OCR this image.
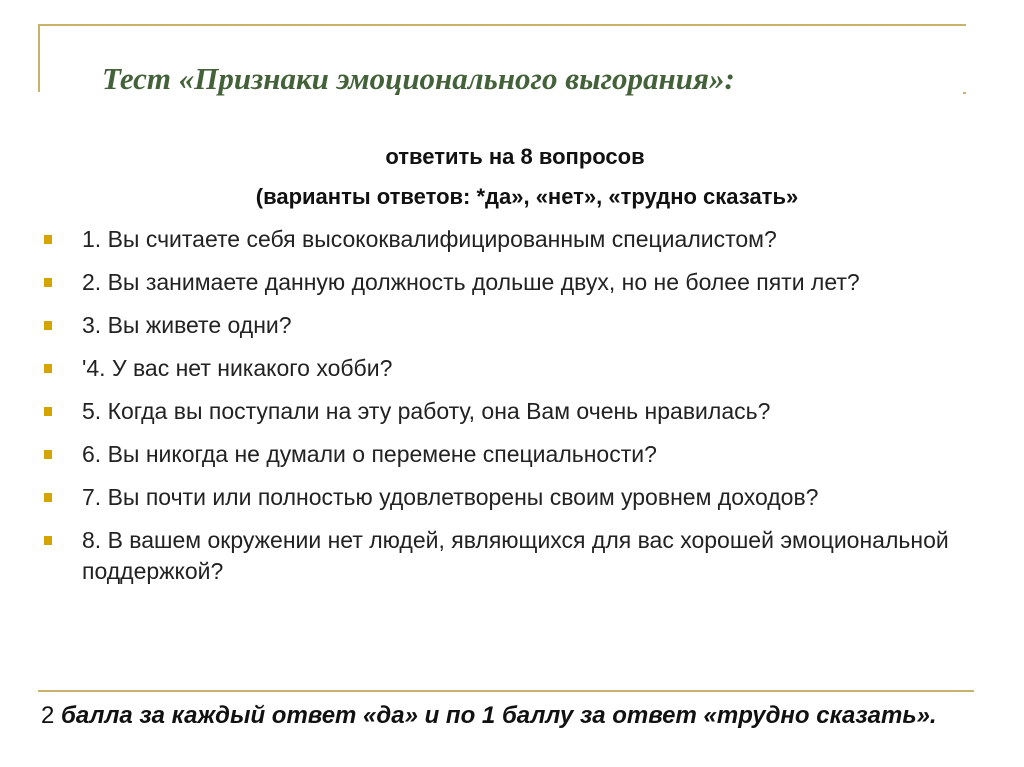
Тест «Признаки эмоционального выгорания»:
ответить на 8 вопросов
(варианты ответов: *да», «нет», «трудно сказать»
1. Вы считаете себя высококвалифицированным специалистом?
2. Вы занимаете данную должность дольше двух, но не более пяти лет?
3. Вы живете одни?
'4. У вас нет никакого хобби?
5. Когда вы поступали на эту работу, она Вам очень нравилась?
6. Вы никогда не думали о перемене специальности?
7. Вы почти или полностью удовлетворены своим уровнем доходов?
8. В вашем окружении нет людей, являющихся для вас хорошей эмоциональной поддержкой?
2 балла за каждый ответ «да» и по 1 баллу за ответ «трудно сказать».
